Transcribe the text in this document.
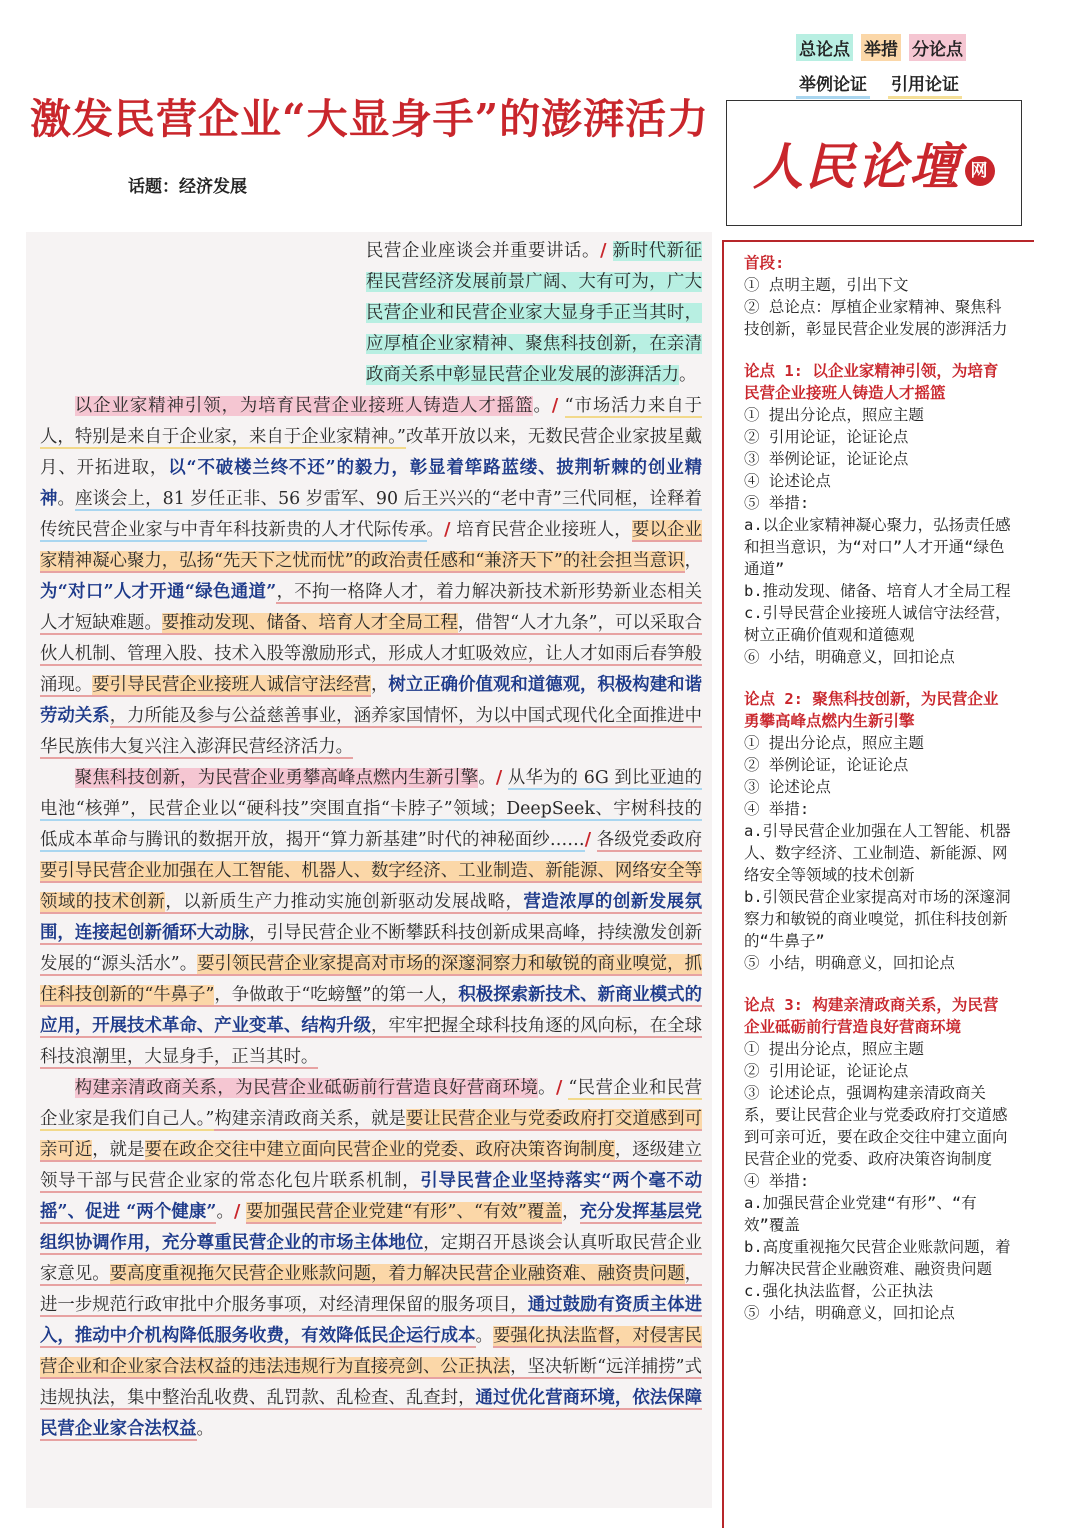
总论点 举措 分论点
举例论证 引用论证
激发民营企业“大显身手”的澎湃活力
话题：经济发展	人民论壇 网

民营企业座谈会并重要讲话。/ 新时代新征程民营经济发展前景广阔、大有可为，广大民营企业和民营企业家大显身手正当其时，应厚植企业家精神、聚焦科技创新，在亲清政商关系中彰显民营企业发展的澎湃活力。

以企业家精神引领，为培育民营企业接班人铸造人才摇篮。/ “市场活力来自于人，特别是来自于企业家，来自于企业家精神。”改革开放以来，无数民营企业家披星戴月、开拓进取，以“不破楼兰终不还”的毅力，彰显着筚路蓝缕、披荆斩棘的创业精神。座谈会上，81 岁任正非、56 岁雷军、90 后王兴兴的“老中青”三代同框，诠释着传统民营企业家与中青年科技新贵的人才代际传承。/ 培育民营企业接班人，要以企业家精神凝心聚力，弘扬“先天下之忧而忧”的政治责任感和“兼济天下”的社会担当意识，为“对口”人才开通“绿色通道”，不拘一格降人才，着力解决新技术新形势新业态相关人才短缺难题。要推动发现、储备、培育人才全局工程，借智“人才九条”，可以采取合伙人机制、管理入股、技术入股等激励形式，形成人才虹吸效应，让人才如雨后春笋般涌现。要引导民营企业接班人诚信守法经营，树立正确价值观和道德观，积极构建和谐劳动关系，力所能及参与公益慈善事业，涵养家国情怀，为以中国式现代化全面推进中华民族伟大复兴注入澎湃民营经济活力。

聚焦科技创新，为民营企业勇攀高峰点燃内生新引擎。/ 从华为的 6G 到比亚迪的电池“核弹”，民营企业以“硬科技”突围直指“卡脖子”领域；DeepSeek、宇树科技的低成本革命与腾讯的数据开放，揭开“算力新基建”时代的神秘面纱……/ 各级党委政府要引导民营企业加强在人工智能、机器人、数字经济、工业制造、新能源、网络安全等领域的技术创新，以新质生产力推动实施创新驱动发展战略，营造浓厚的创新发展氛围，连接起创新循环大动脉，引导民营企业不断攀跃科技创新成果高峰，持续激发创新发展的“源头活水”。要引领民营企业家提高对市场的深邃洞察力和敏锐的商业嗅觉，抓住科技创新的“牛鼻子”，争做敢于“吃螃蟹”的第一人，积极探索新技术、新商业模式的应用，开展技术革命、产业变革、结构升级，牢牢把握全球科技角逐的风向标，在全球科技浪潮里，大显身手，正当其时。

构建亲清政商关系，为民营企业砥砺前行营造良好营商环境。/ “民营企业和民营企业家是我们自己人。”构建亲清政商关系，就是要让民营企业与党委政府打交道感到可亲可近，就是要在政企交往中建立面向民营企业的党委、政府决策咨询制度，逐级建立领导干部与民营企业家的常态化包片联系机制，引导民营企业坚持落实“两个毫不动摇”、促进 “两个健康”。/ 要加强民营企业党建“有形”、“有效”覆盖，充分发挥基层党组织协调作用，充分尊重民营企业的市场主体地位，定期召开恳谈会认真听取民营企业家意见。要高度重视拖欠民营企业账款问题，着力解决民营企业融资难、融资贵问题，进一步规范行政审批中介服务事项，对经清理保留的服务项目，通过鼓励有资质主体进入，推动中介机构降低服务收费，有效降低民企运行成本。要强化执法监督，对侵害民营企业和企业家合法权益的违法违规行为直接亮剑、公正执法，坚决斩断“远洋捕捞”式违规执法，集中整治乱收费、乱罚款、乱检查、乱查封，通过优化营商环境，依法保障民营企业家合法权益。

首段:
① 点明主题，引出下文
② 总论点：厚植企业家精神、聚焦科技创新，彰显民营企业发展的澎湃活力
论点 1: 以企业家精神引领，为培育民营企业接班人铸造人才摇篮
① 提出分论点，照应主题
② 引用论证，论证论点
③ 举例论证，论证论点
④ 论述论点
⑤ 举措:
a.以企业家精神凝心聚力，弘扬责任感和担当意识，为“对口”人才开通“绿色通道”
b.推动发现、储备、培育人才全局工程
c.引导民营企业接班人诚信守法经营，树立正确价值观和道德观
⑥ 小结，明确意义，回扣论点
论点 2: 聚焦科技创新，为民营企业勇攀高峰点燃内生新引擎
① 提出分论点，照应主题
② 举例论证，论证论点
③ 论述论点
④ 举措:
a.引导民营企业加强在人工智能、机器人、数字经济、工业制造、新能源、网络安全等领域的技术创新
b.引领民营企业家提高对市场的深邃洞察力和敏锐的商业嗅觉，抓住科技创新的“牛鼻子”
⑤ 小结，明确意义，回扣论点
论点 3: 构建亲清政商关系，为民营企业砥砺前行营造良好营商环境
① 提出分论点，照应主题
② 引用论证，论证论点
③ 论述论点，强调构建亲清政商关系，要让民营企业与党委政府打交道感到可亲可近，要在政企交往中建立面向民营企业的党委、政府决策咨询制度
④ 举措:
a.加强民营企业党建“有形”、“有效”覆盖
b.高度重视拖欠民营企业账款问题，着力解决民营企业融资难、融资贵问题
c.强化执法监督，公正执法
⑤ 小结，明确意义，回扣论点
